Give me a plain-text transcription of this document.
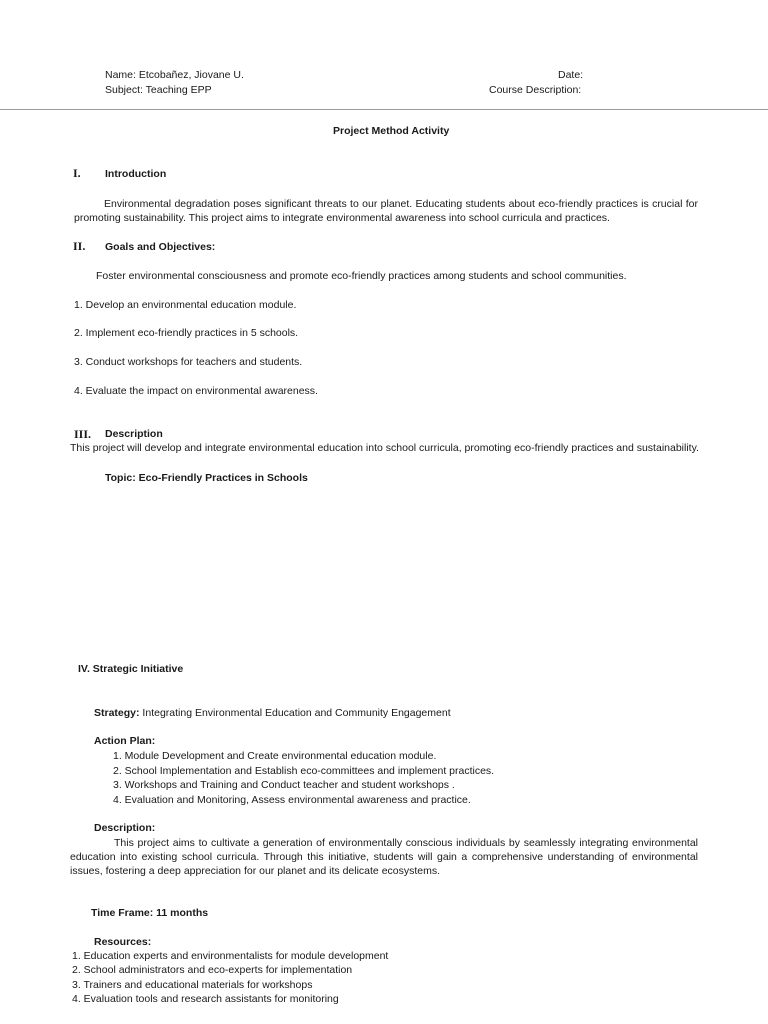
Name: Etcobañez, Jiovane U.	Date:
Subject: Teaching EPP	Course Description:
Project Method Activity
I. Introduction
Environmental degradation poses significant threats to our planet. Educating students about eco-friendly practices is crucial for promoting sustainability. This project aims to integrate environmental awareness into school curricula and practices.
II. Goals and Objectives:
Foster environmental consciousness and promote eco-friendly practices among students and school communities.
1. Develop an environmental education module.
2. Implement eco-friendly practices in 5 schools.
3. Conduct workshops for teachers and students.
4. Evaluate the impact on environmental awareness.
III. Description
This project will develop and integrate environmental education into school curricula, promoting eco-friendly practices and sustainability.
Topic: Eco-Friendly Practices in Schools
IV. Strategic Initiative
Strategy: Integrating Environmental Education and Community Engagement
Action Plan:
1. Module Development and Create environmental education module.
2. School Implementation and Establish eco-committees and implement practices.
3. Workshops and Training and Conduct teacher and student workshops .
4. Evaluation and Monitoring, Assess environmental awareness and practice.
Description:
This project aims to cultivate a generation of environmentally conscious individuals by seamlessly integrating environmental education into existing school curricula. Through this initiative, students will gain a comprehensive understanding of environmental issues, fostering a deep appreciation for our planet and its delicate ecosystems.
Time Frame: 11 months
Resources:
1. Education experts and environmentalists for module development
2. School administrators and eco-experts for implementation
3. Trainers and educational materials for workshops
4. Evaluation tools and research assistants for monitoring
